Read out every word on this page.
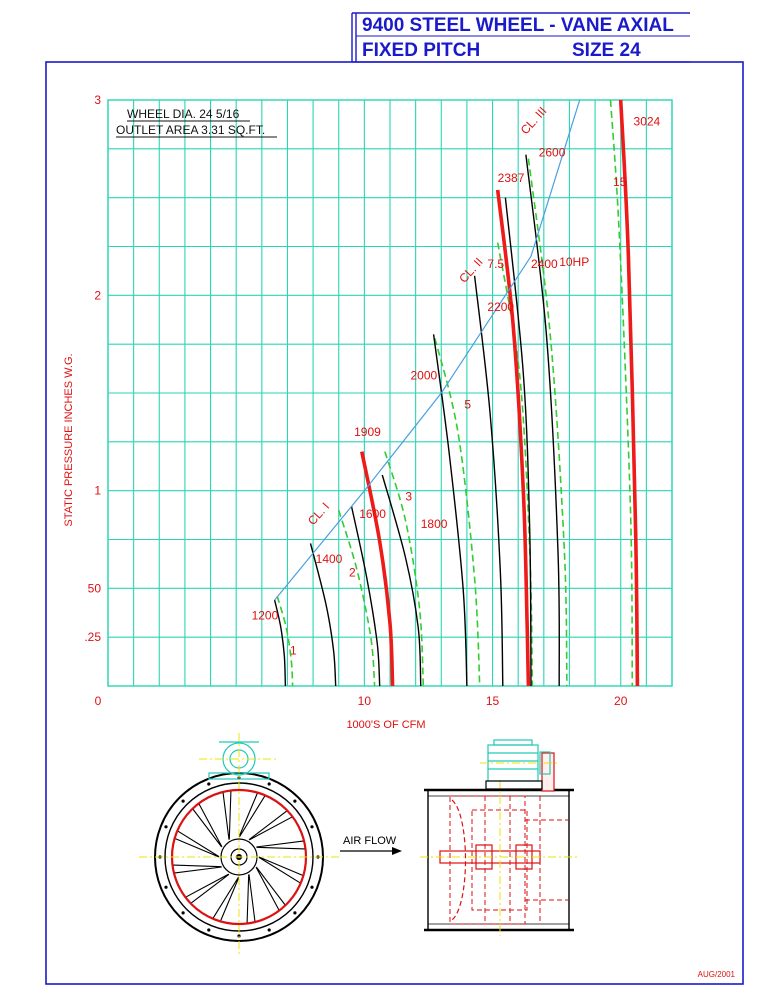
9400 STEEL WHEEL - VANE AXIAL
FIXED PITCH	SIZE 24
0	10	15	20
.25
50
1
2
3
1
2
3
5
7.5	10HP
15
1200
1400
1600
1909
1800
2000
2200
2387
2400
2600
3024
CL. I
CL. II
CL. III
1000'S OF CFM
STATIC PRESSURE INCHES W.G.
WHEEL DIA. 24 5/16
OUTLET AREA 3.31 SQ.FT.
AIR FLOW
AUG/2001
